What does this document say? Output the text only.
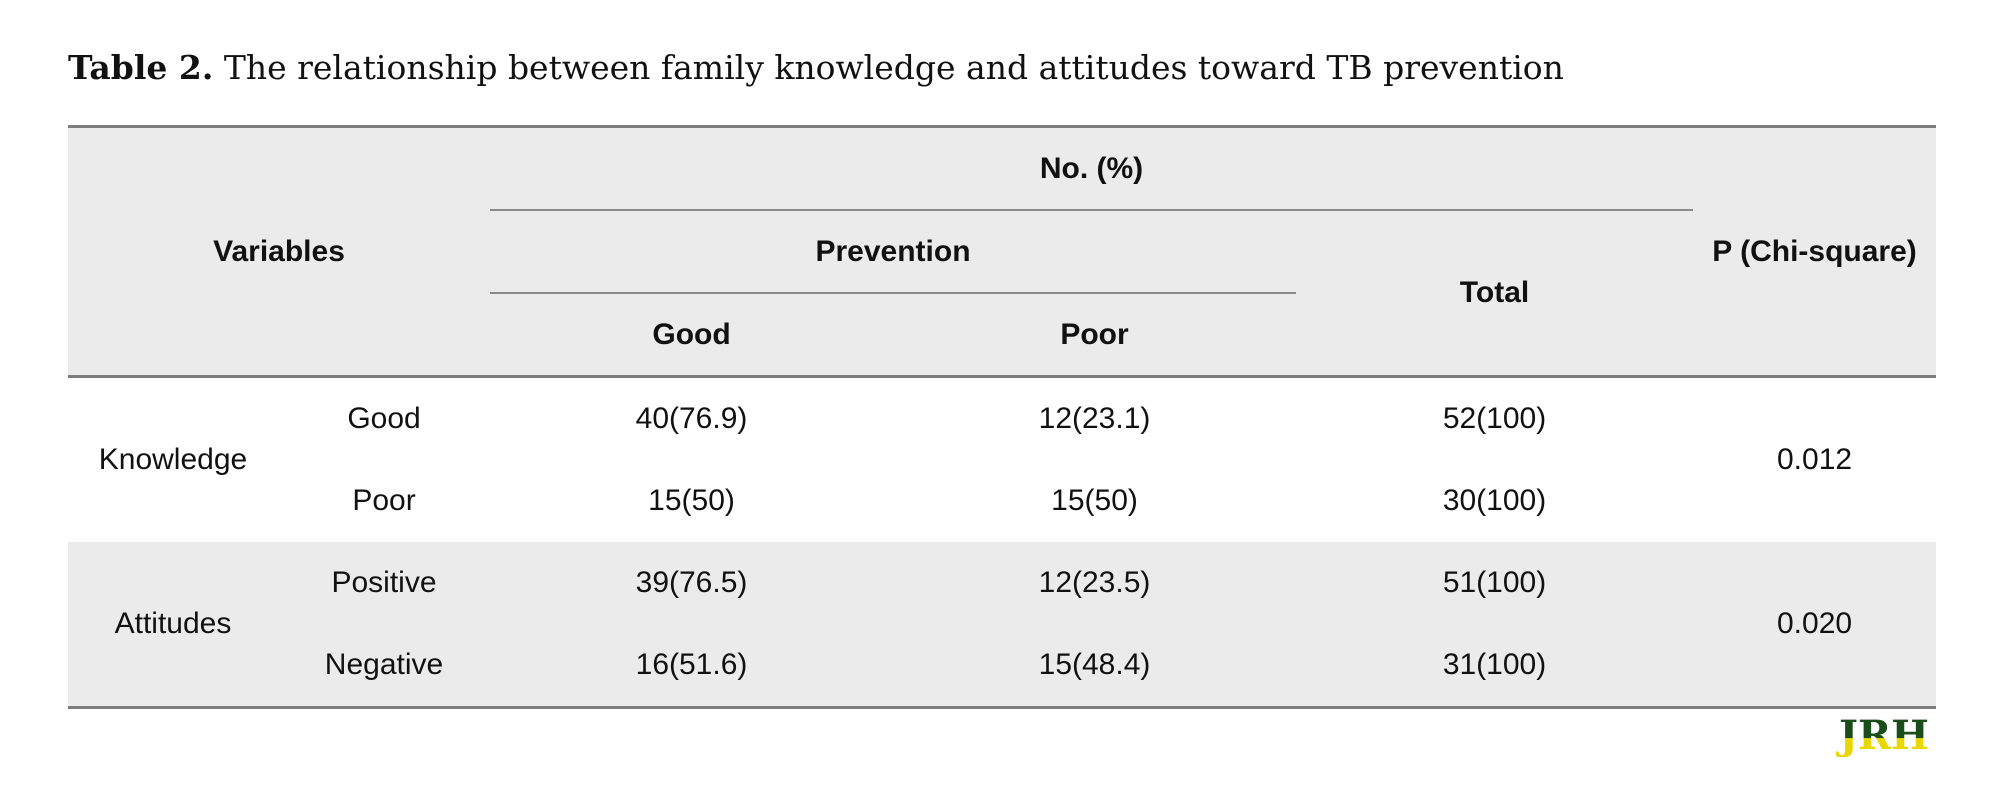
Table 2. The relationship between family knowledge and attitudes toward TB prevention
Variables		No. (%)			P (Chi-square)
		Prevention		Total	
		Good	Poor		
Knowledge	Good	40(76.9)	12(23.1)	52(100)	0.012
	Poor	15(50)	15(50)	30(100)	
Attitudes	Positive	39(76.5)	12(23.5)	51(100)	0.020
	Negative	16(51.6)	15(48.4)	31(100)	
JRH
